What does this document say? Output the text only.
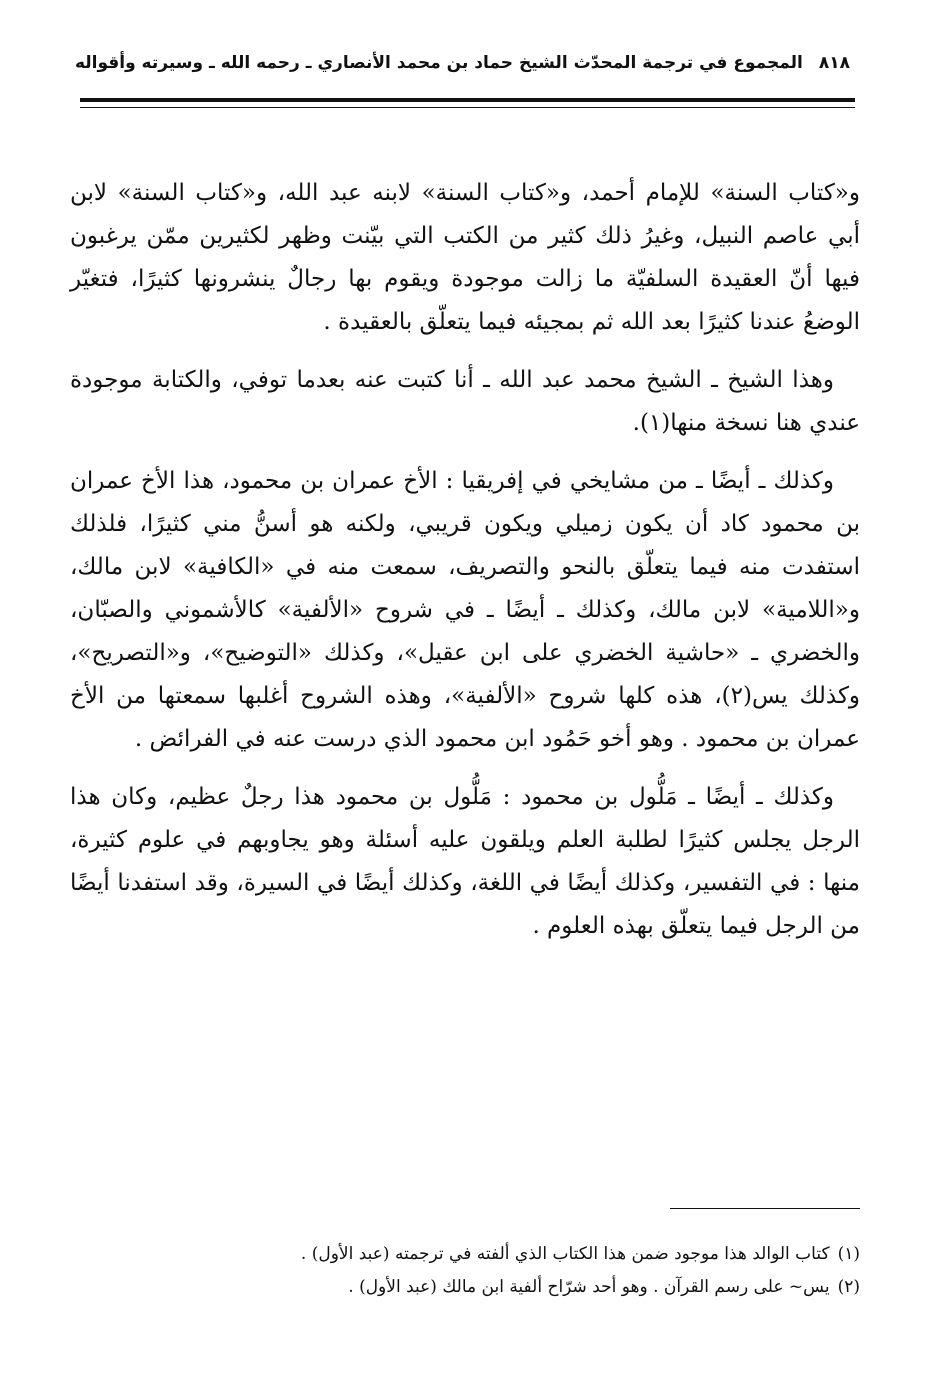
٨١٨
المجموع في ترجمة المحدّث الشيخ حماد بن محمد الأنصاري ـ رحمه الله ـ وسيرته وأقواله

و«كتاب السنة» للإمام أحمد، و«كتاب السنة» لابنه عبد الله، و«كتاب السنة» لابن أبي عاصم النبيل، وغيرُ ذلك كثير من الكتب التي بيّنت وظهر لكثيرين ممّن يرغبون فيها أنّ العقيدة السلفيّة ما زالت موجودة ويقوم بها رجالٌ ينشرونها كثيرًا، فتغيّر الوضعُ عندنا كثيرًا بعد الله ثم بمجيئه فيما يتعلّق بالعقيدة .

وهذا الشيخ ـ الشيخ محمد عبد الله ـ أنا كتبت عنه بعدما توفي، والكتابة موجودة عندي هنا نسخة منها(١).

وكذلك ـ أيضًا ـ من مشايخي في إفريقيا : الأخ عمران بن محمود، هذا الأخ عمران بن محمود كاد أن يكون زميلي ويكون قريبي، ولكنه هو أسنُّ مني كثيرًا، فلذلك استفدت منه فيما يتعلّق بالنحو والتصريف، سمعت منه في «الكافية» لابن مالك، و«اللامية» لابن مالك، وكذلك ـ أيضًا ـ في شروح «الألفية» كالأشموني والصبّان، والخضري ـ «حاشية الخضري على ابن عقيل»، وكذلك «التوضيح»، و«التصريح»، وكذلك يس(٢)، هذه كلها شروح «الألفية»، وهذه الشروح أغلبها سمعتها من الأخ عمران بن محمود . وهو أخو حَمُود ابن محمود الذي درست عنه في الفرائض .

وكذلك ـ أيضًا ـ مَلُّول بن محمود : مَلُّول بن محمود هذا رجلٌ عظيم، وكان هذا الرجل يجلس كثيرًا لطلبة العلم ويلقون عليه أسئلة وهو يجاوبهم في علوم كثيرة، منها : في التفسير، وكذلك أيضًا في اللغة، وكذلك أيضًا في السيرة، وقد استفدنا أيضًا من الرجل فيما يتعلّق بهذه العلوم .

(١)كتاب الوالد هذا موجود ضمن هذا الكتاب الذي ألفته في ترجمته (عبد الأول) .

(٢)يس~ على رسم القرآن . وهو أحد شرّاح ألفية ابن مالك (عبد الأول) .
